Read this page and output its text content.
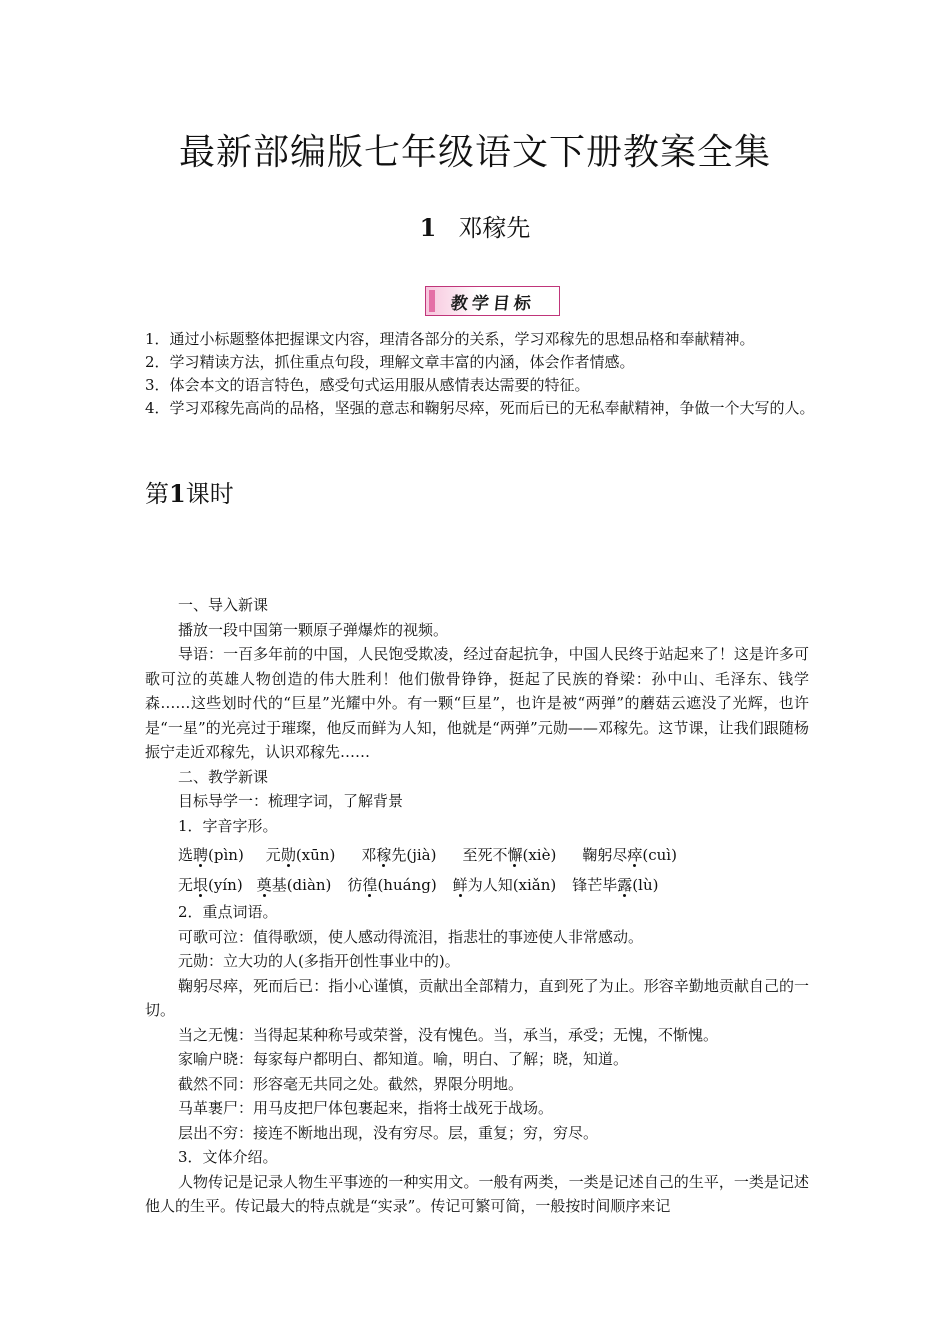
最新部编版七年级语文下册教案全集
1 邓稼先
教学目标

1．通过小标题整体把握课文内容，理清各部分的关系，学习邓稼先的思想品格和奉献精神。

2．学习精读方法，抓住重点句段，理解文章丰富的内涵，体会作者情感。

3．体会本文的语言特色，感受句式运用服从感情表达需要的特征。

4．学习邓稼先高尚的品格，坚强的意志和鞠躬尽瘁，死而后已的无私奉献精神，争做一个大写的人。

第1课时

一、导入新课

播放一段中国第一颗原子弹爆炸的视频。

导语：一百多年前的中国，人民饱受欺凌，经过奋起抗争，中国人民终于站起来了！这是许多可歌可泣的英雄人物创造的伟大胜利！他们傲骨铮铮，挺起了民族的脊梁：孙中山、毛泽东、钱学森……这些划时代的“巨星”光耀中外。有一颗“巨星”，也许是被“两弹”的蘑菇云遮没了光辉，也许是“一星”的光亮过于璀璨，他反而鲜为人知，他就是“两弹”元勋——邓稼先。这节课，让我们跟随杨振宁走近邓稼先，认识邓稼先……

二、教学新课

目标导学一：梳理字词，了解背景

1．字音字形。

选聘(pìn) 元勋(xūn) 邓稼先(jià) 至死不懈(xiè) 鞠躬尽瘁(cuì)
无垠(yín) 奠基(diàn) 彷徨(huáng) 鲜为人知(xiǎn) 锋芒毕露(lù)

2．重点词语。

可歌可泣：值得歌颂，使人感动得流泪，指悲壮的事迹使人非常感动。

元勋：立大功的人(多指开创性事业中的)。

鞠躬尽瘁，死而后已：指小心谨慎，贡献出全部精力，直到死了为止。形容辛勤地贡献自己的一切。

当之无愧：当得起某种称号或荣誉，没有愧色。当，承当，承受；无愧，不惭愧。

家喻户晓：每家每户都明白、都知道。喻，明白、了解；晓，知道。

截然不同：形容毫无共同之处。截然，界限分明地。

马革裹尸：用马皮把尸体包裹起来，指将士战死于战场。

层出不穷：接连不断地出现，没有穷尽。层，重复；穷，穷尽。

3．文体介绍。

人物传记是记录人物生平事迹的一种实用文。一般有两类，一类是记述自己的生平，一类是记述他人的生平。传记最大的特点就是“实录”。传记可繁可简，一般按时间顺序来记
